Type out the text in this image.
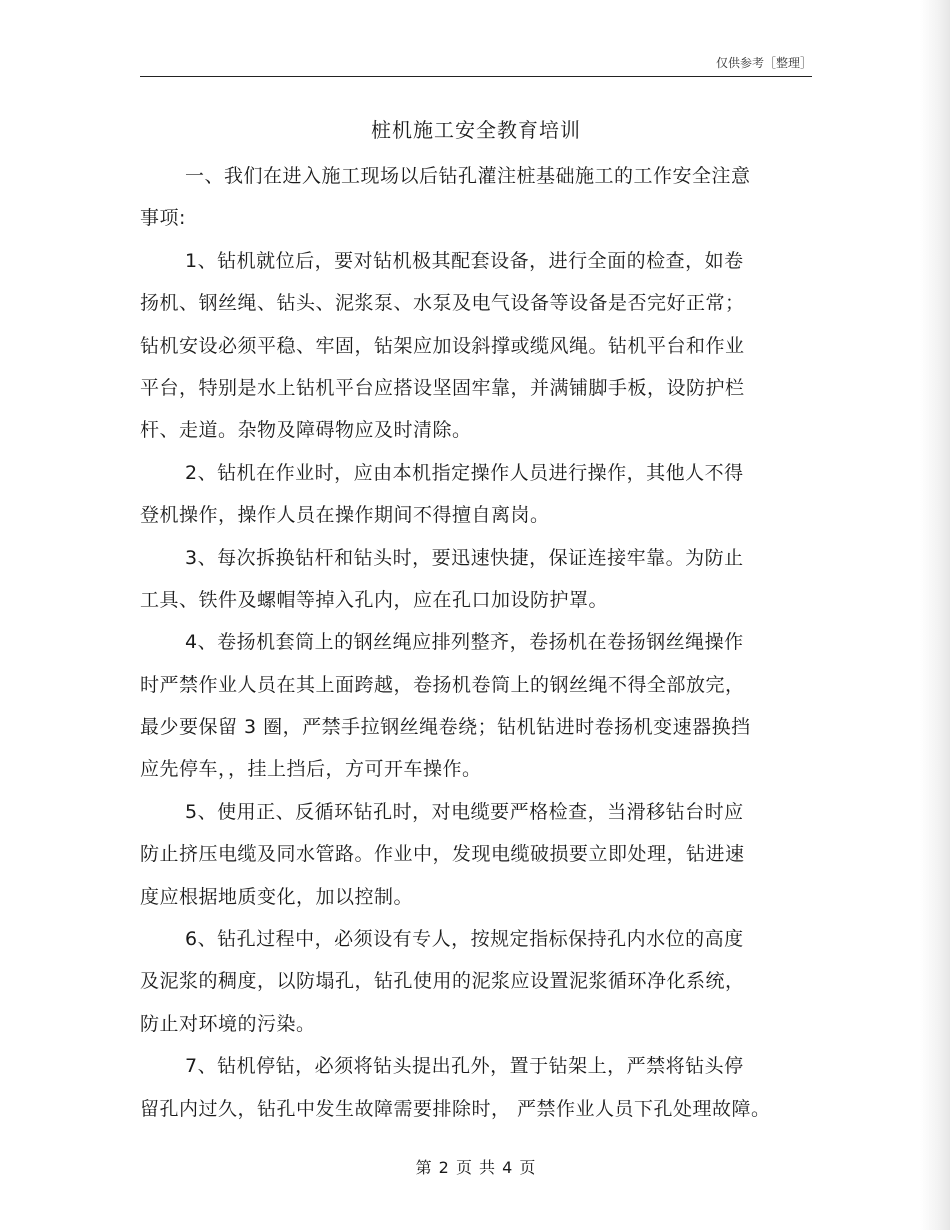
仅供参考［整理］
桩机施工安全教育培训
一、我们在进入施工现场以后钻孔灌注桩基础施工的工作安全注意
事项:
1、钻机就位后，要对钻机极其配套设备，进行全面的检查，如卷
扬机、钢丝绳、钻头、泥浆泵、水泵及电气设备等设备是否完好正常；
钻机安设必须平稳、牢固，钻架应加设斜撑或缆风绳。钻机平台和作业
平台，特别是水上钻机平台应搭设坚固牢靠，并满铺脚手板，设防护栏
杆、走道。杂物及障碍物应及时清除。
2、钻机在作业时，应由本机指定操作人员进行操作，其他人不得
登机操作，操作人员在操作期间不得擅自离岗。
3、每次拆换钻杆和钻头时，要迅速快捷，保证连接牢靠。为防止
工具、铁件及螺帽等掉入孔内，应在孔口加设防护罩。
4、卷扬机套筒上的钢丝绳应排列整齐，卷扬机在卷扬钢丝绳操作
时严禁作业人员在其上面跨越，卷扬机卷筒上的钢丝绳不得全部放完，
最少要保留 3 圈，严禁手拉钢丝绳卷绕；钻机钻进时卷扬机变速器换挡
应先停车，，挂上挡后，方可开车操作。
5、使用正、反循环钻孔时，对电缆要严格检查，当滑移钻台时应
防止挤压电缆及同水管路。作业中，发现电缆破损要立即处理，钻进速
度应根据地质变化，加以控制。
6、钻孔过程中，必须设有专人，按规定指标保持孔内水位的高度
及泥浆的稠度，以防塌孔，钻孔使用的泥浆应设置泥浆循环净化系统，
防止对环境的污染。
7、钻机停钻，必须将钻头提出孔外，置于钻架上，严禁将钻头停
留孔内过久，钻孔中发生故障需要排除时， 严禁作业人员下孔处理故障。
第 2 页 共 4 页
